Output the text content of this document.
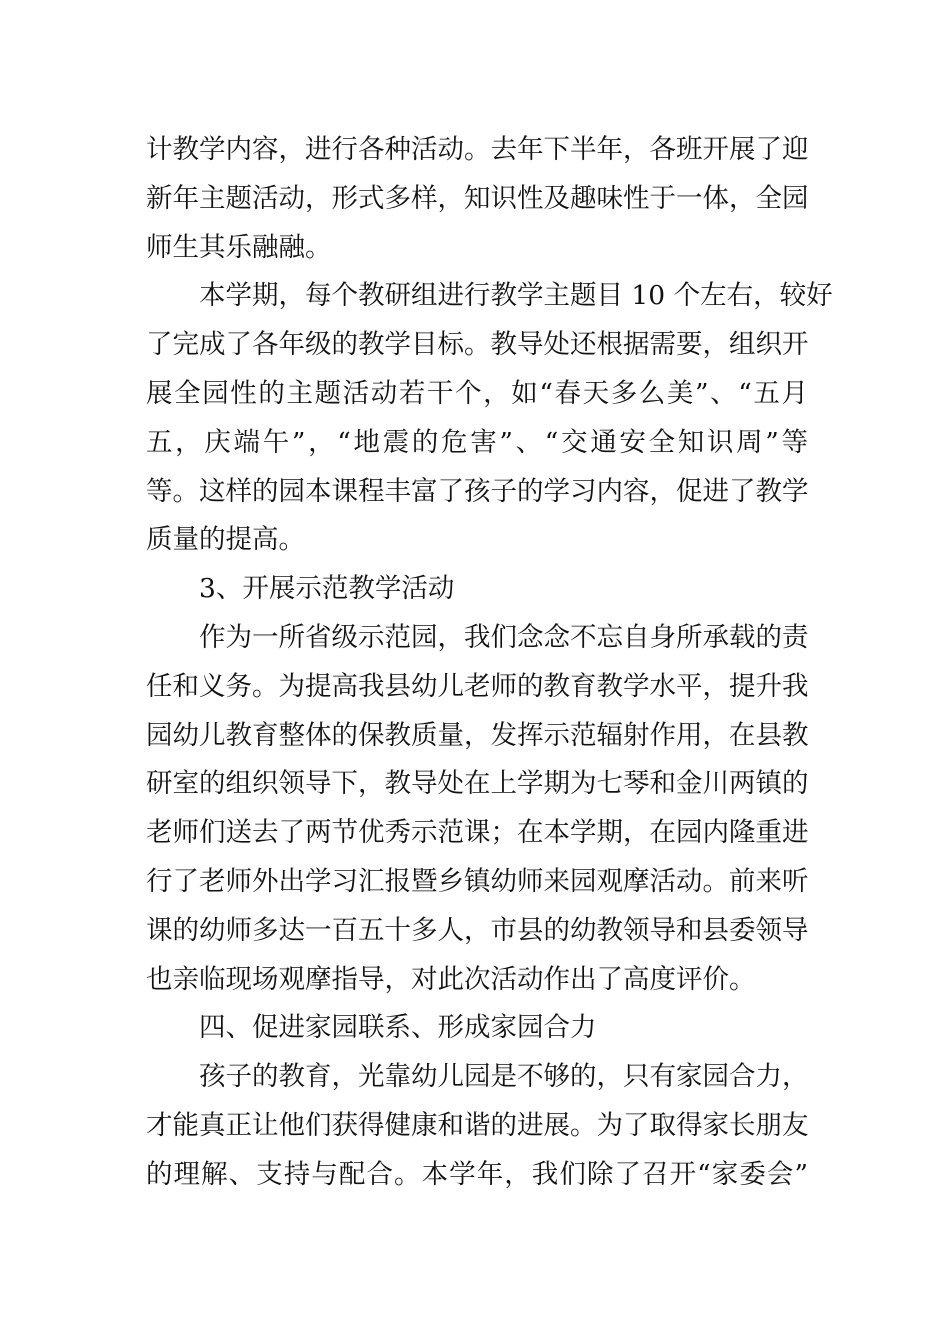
计教学内容，进行各种活动。去年下半年，各班开展了迎
新年主题活动，形式多样，知识性及趣味性于一体，全园
师生其乐融融。
本学期，每个教研组进行教学主题目 10 个左右，较好
了完成了各年级的教学目标。教导处还根据需要，组织开
展全园性的主题活动若干个，如“春天多么美”、“五月
五，庆端午”，“地震的危害”、“交通安全知识周”等
等。这样的园本课程丰富了孩子的学习内容，促进了教学
质量的提高。
3、开展示范教学活动
作为一所省级示范园，我们念念不忘自身所承载的责
任和义务。为提高我县幼儿老师的教育教学水平，提升我
园幼儿教育整体的保教质量，发挥示范辐射作用，在县教
研室的组织领导下，教导处在上学期为七琴和金川两镇的
老师们送去了两节优秀示范课；在本学期，在园内隆重进
行了老师外出学习汇报暨乡镇幼师来园观摩活动。前来听
课的幼师多达一百五十多人，市县的幼教领导和县委领导
也亲临现场观摩指导，对此次活动作出了高度评价。
四、促进家园联系、形成家园合力
孩子的教育，光靠幼儿园是不够的，只有家园合力，
才能真正让他们获得健康和谐的进展。为了取得家长朋友
的理解、支持与配合。本学年，我们除了召开“家委会”
